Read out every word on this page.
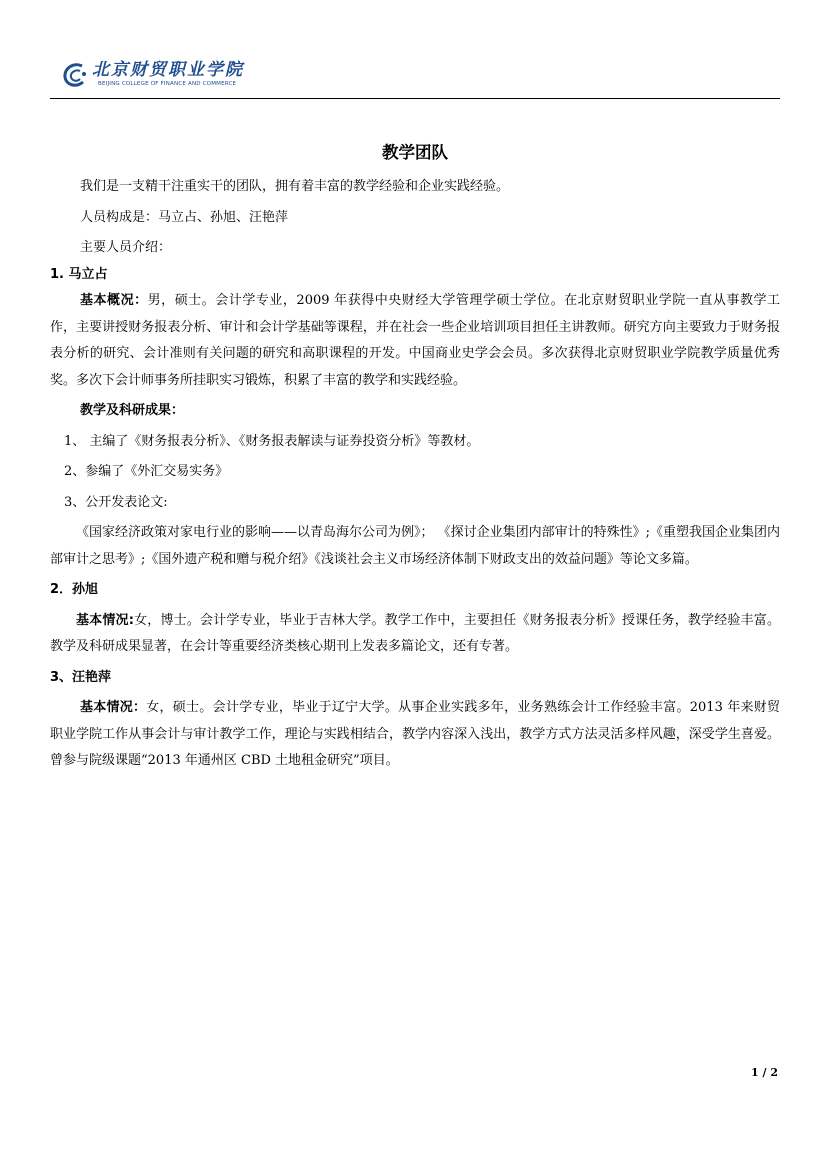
北京财贸职业学院
BEIJING COLLEGE OF FINANCE AND COMMERCE
教学团队

我们是一支精干注重实干的团队，拥有着丰富的教学经验和企业实践经验。

人员构成是：马立占、孙旭、汪艳萍

主要人员介绍：

1. 马立占

基本概况：男，硕士。会计学专业，2009 年获得中央财经大学管理学硕士学位。在北京财贸职业学院一直从事教学工作，主要讲授财务报表分析、审计和会计学基础等课程，并在社会一些企业培训项目担任主讲教师。研究方向主要致力于财务报表分析的研究、会计准则有关问题的研究和高职课程的开发。中国商业史学会会员。多次获得北京财贸职业学院教学质量优秀奖。多次下会计师事务所挂职实习锻炼，积累了丰富的教学和实践经验。

教学及科研成果：

1、 主编了《财务报表分析》、《财务报表解读与证券投资分析》等教材。

2、参编了《外汇交易实务》

3、公开发表论文:

《国家经济政策对家电行业的影响——以青岛海尔公司为例》； 《探讨企业集团内部审计的特殊性》;《重塑我国企业集团内部审计之思考》;《国外遗产税和赠与税介绍》《浅谈社会主义市场经济体制下财政支出的效益问题》等论文多篇。

2．孙旭

基本情况:女，博士。会计学专业，毕业于吉林大学。教学工作中，主要担任《财务报表分析》授课任务，教学经验丰富。教学及科研成果显著，在会计等重要经济类核心期刊上发表多篇论文，还有专著。

3、汪艳萍

基本情况：女，硕士。会计学专业，毕业于辽宁大学。从事企业实践多年，业务熟练会计工作经验丰富。2013 年来财贸职业学院工作从事会计与审计教学工作，理论与实践相结合，教学内容深入浅出，教学方式方法灵活多样风趣，深受学生喜爱。曾参与院级课题“2013 年通州区 CBD 土地租金研究”项目。

1 / 2
